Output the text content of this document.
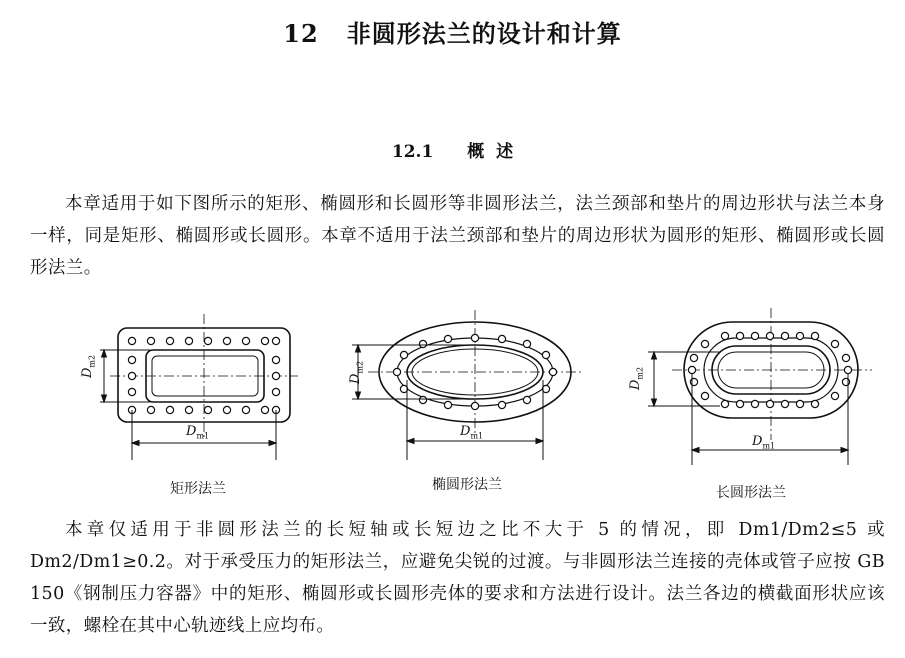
12 非圆形法兰的设计和计算
12.1 概  述

本章适用于如下图所示的矩形、椭圆形和长圆形等非圆形法兰，法兰颈部和垫片的周边形状与法兰本身一样，同是矩形、椭圆形或长圆形。本章不适用于法兰颈部和垫片的周边形状为圆形的矩形、椭圆形或长圆形法兰。

$D_{m2}$
$D_{m1}$
矩形法兰
$D_{m2}$
$D_{m1}$
椭圆形法兰
$D_{m2}$
$D_{m1}$
长圆形法兰

本章仅适用于非圆形法兰的长短轴或长短边之比不大于 5 的情况，即 Dm1/Dm2≤5 或 Dm2/Dm1≥0.2。对于承受压力的矩形法兰，应避免尖锐的过渡。与非圆形法兰连接的壳体或管子应按 GB 150《钢制压力容器》中的矩形、椭圆形或长圆形壳体的要求和方法进行设计。法兰各边的横截面形状应该一致，螺栓在其中心轨迹线上应均布。
